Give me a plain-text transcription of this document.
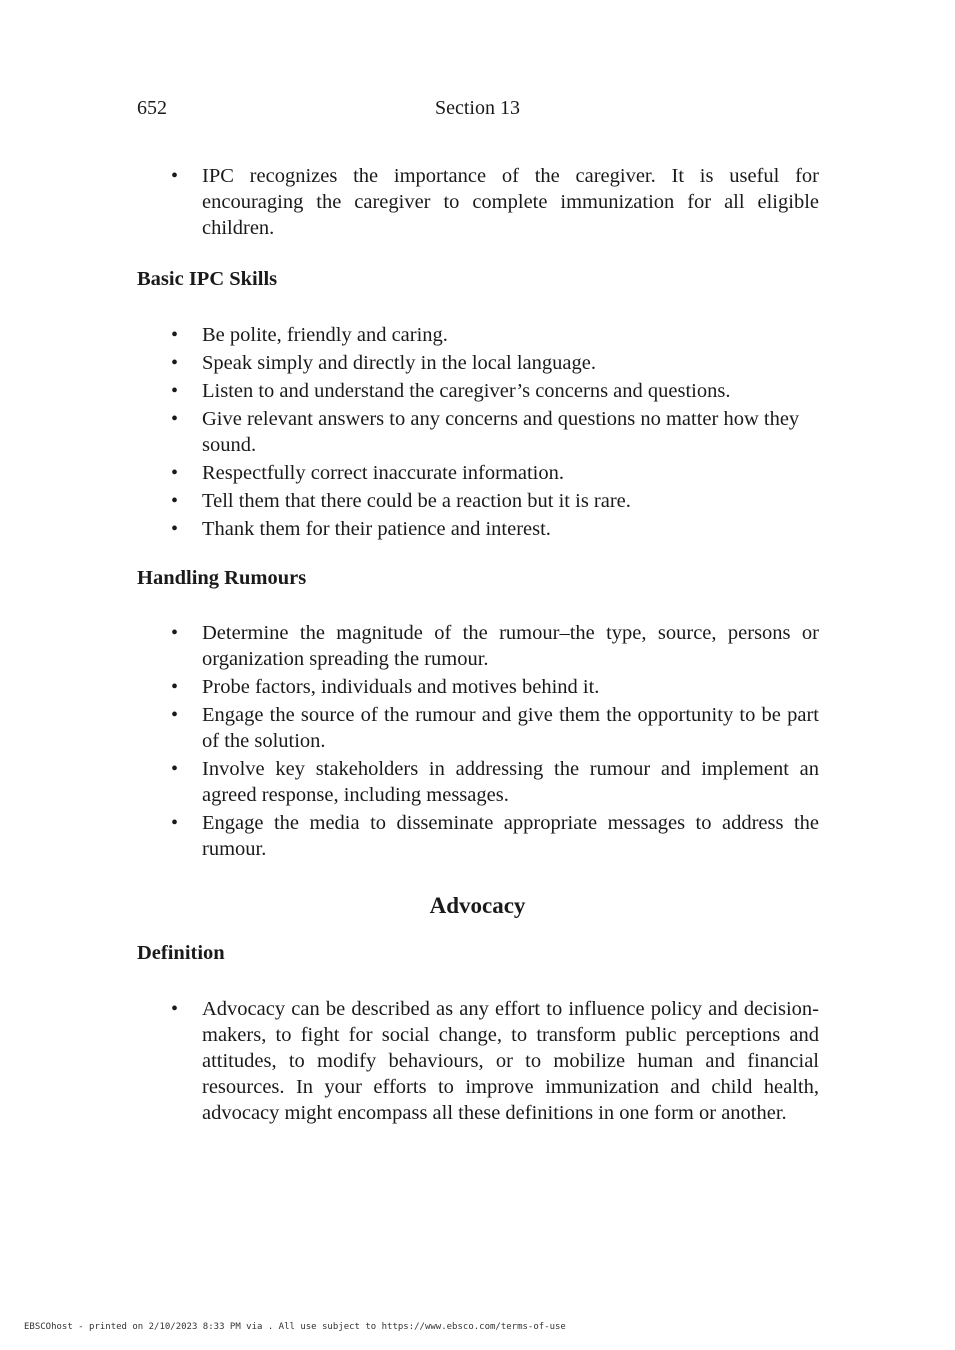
652	Section 13
• IPC recognizes the importance of the caregiver. It is useful for encouraging the caregiver to complete immunization for all eligible children.
Basic IPC Skills
• Be polite, friendly and caring.
• Speak simply and directly in the local language.
• Listen to and understand the caregiver’s concerns and questions.
• Give relevant answers to any concerns and questions no matter how they sound.
• Respectfully correct inaccurate information.
• Tell them that there could be a reaction but it is rare.
• Thank them for their patience and interest.
Handling Rumours
• Determine the magnitude of the rumour–the type, source, persons or organization spreading the rumour.
• Probe factors, individuals and motives behind it.
• Engage the source of the rumour and give them the opportunity to be part of the solution.
• Involve key stakeholders in addressing the rumour and implement an agreed response, including messages.
• Engage the media to disseminate appropriate messages to address the rumour.
Advocacy
Definition
• Advocacy can be described as any effort to influence policy and decision-makers, to fight for social change, to transform public perceptions and attitudes, to modify behaviours, or to mobilize human and financial resources. In your efforts to improve immunization and child health, advocacy might encompass all these definitions in one form or another.
EBSCOhost - printed on 2/10/2023 8:33 PM via . All use subject to https://www.ebsco.com/terms-of-use
